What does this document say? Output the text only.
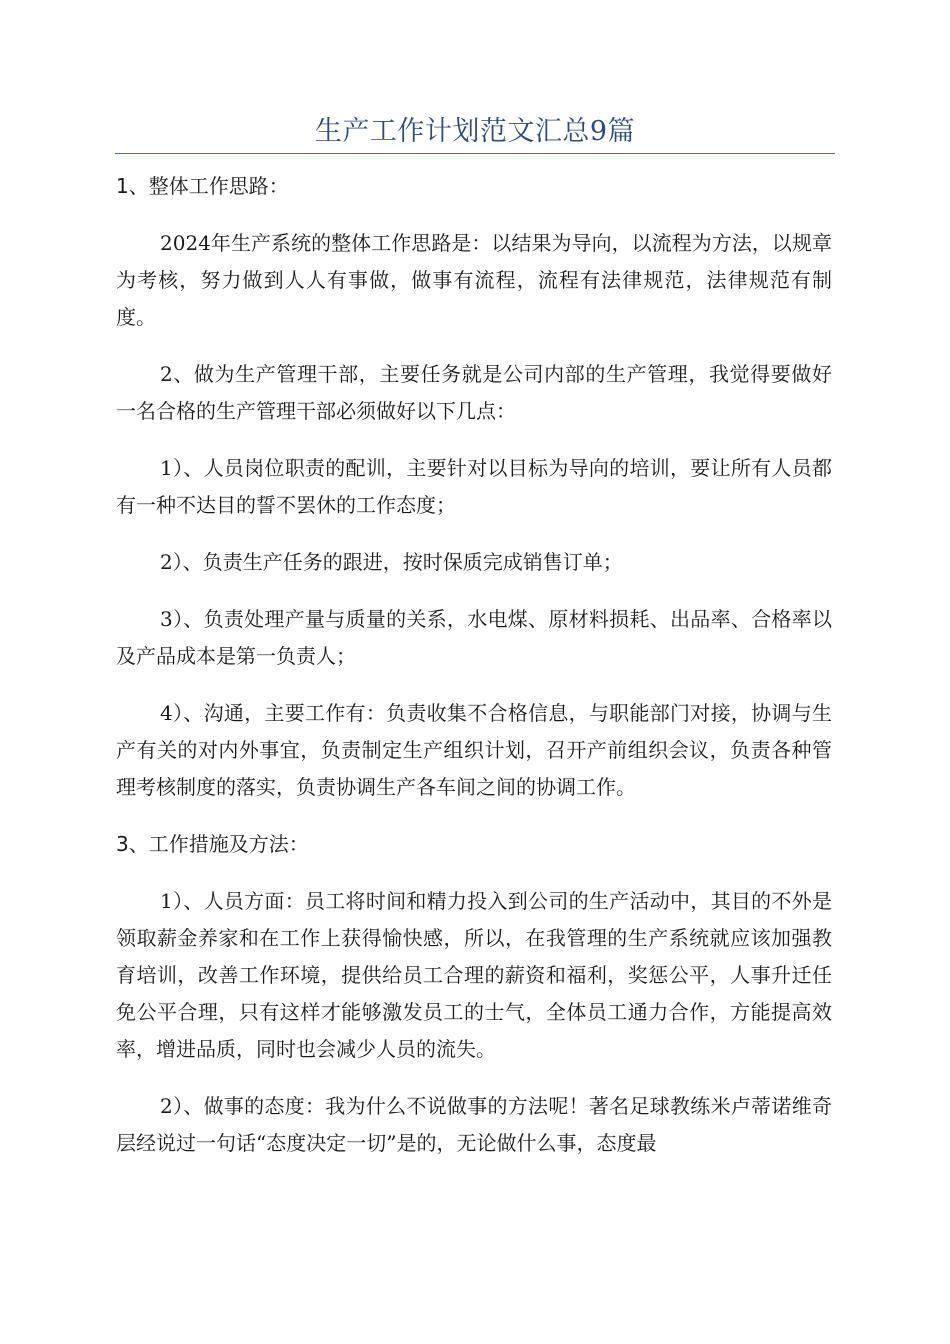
生产工作计划范文汇总9篇
1、整体工作思路：

2024年生产系统的整体工作思路是：以结果为导向，以流程为方法，以规章为考核，努力做到人人有事做，做事有流程，流程有法律规范，法律规范有制度。

2、做为生产管理干部，主要任务就是公司内部的生产管理，我觉得要做好一名合格的生产管理干部必须做好以下几点：

1）、人员岗位职责的配训，主要针对以目标为导向的培训，要让所有人员都有一种不达目的誓不罢休的工作态度；

2）、负责生产任务的跟进，按时保质完成销售订单；

3）、负责处理产量与质量的关系，水电煤、原材料损耗、出品率、合格率以及产品成本是第一负责人；

4）、沟通，主要工作有：负责收集不合格信息，与职能部门对接，协调与生产有关的对内外事宜，负责制定生产组织计划，召开产前组织会议，负责各种管理考核制度的落实，负责协调生产各车间之间的协调工作。

3、工作措施及方法：

1）、人员方面：员工将时间和精力投入到公司的生产活动中，其目的不外是领取薪金养家和在工作上获得愉快感，所以，在我管理的生产系统就应该加强教育培训，改善工作环境，提供给员工合理的薪资和福利，奖惩公平，人事升迁任免公平合理，只有这样才能够激发员工的士气，全体员工通力合作，方能提高效率，增进品质，同时也会减少人员的流失。

2）、做事的态度：我为什么不说做事的方法呢！著名足球教练米卢蒂诺维奇层经说过一句话“态度决定一切”是的，无论做什么事，态度最
